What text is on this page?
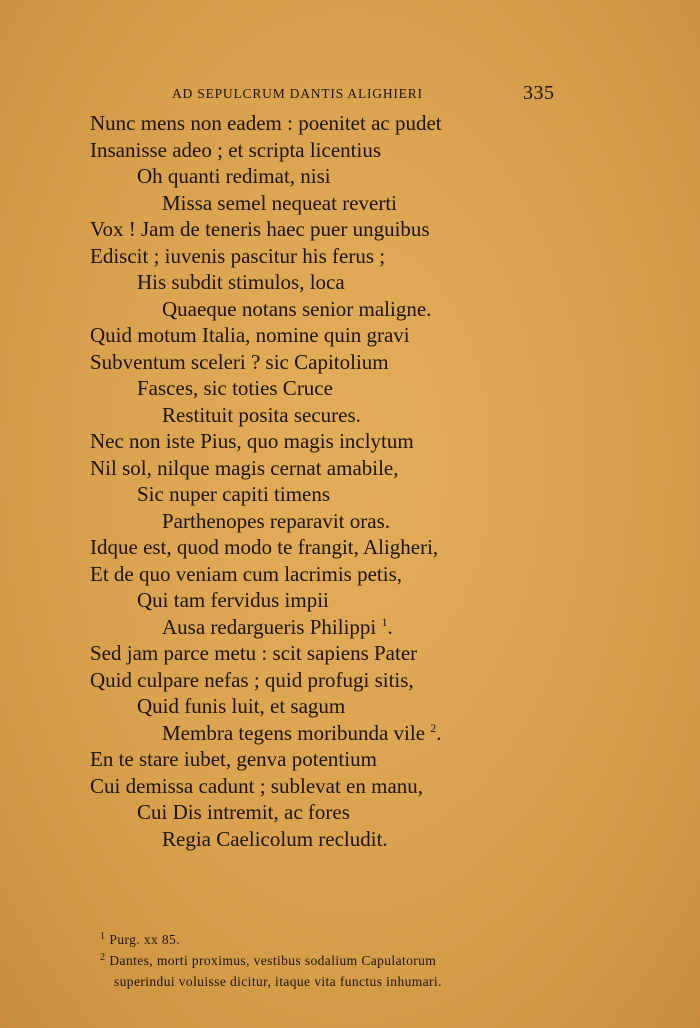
AD SEPULCRUM DANTIS ALIGHIERI	335
Nunc mens non eadem : poenitet ac pudet
Insanisse adeo ; et scripta licentius
Oh quanti redimat, nisi
Missa semel nequeat reverti
Vox ! Jam de teneris haec puer unguibus
Ediscit ; iuvenis pascitur his ferus ;
His subdit stimulos, loca
Quaeque notans senior maligne.
Quid motum Italia, nomine quin gravi
Subventum sceleri ? sic Capitolium
Fasces, sic toties Cruce
Restituit posita secures.
Nec non iste Pius, quo magis inclytum
Nil sol, nilque magis cernat amabile,
Sic nuper capiti timens
Parthenopes reparavit oras.
Idque est, quod modo te frangit, Aligheri,
Et de quo veniam cum lacrimis petis,
Qui tam fervidus impii
Ausa redargueris Philippi $^1$.
Sed jam parce metu : scit sapiens Pater
Quid culpare nefas ; quid profugi sitis,
Quid funis luit, et sagum
Membra tegens moribunda vile $^2$.
En te stare iubet, genva potentium
Cui demissa cadunt ; sublevat en manu,
Cui Dis intremit, ac fores
Regia Caelicolum recludit.
$^1$ Purg. xx 85.
$^2$ Dantes, morti proximus, vestibus sodalium Capulatorum
superindui voluisse dicitur, itaque vita functus inhumari.
